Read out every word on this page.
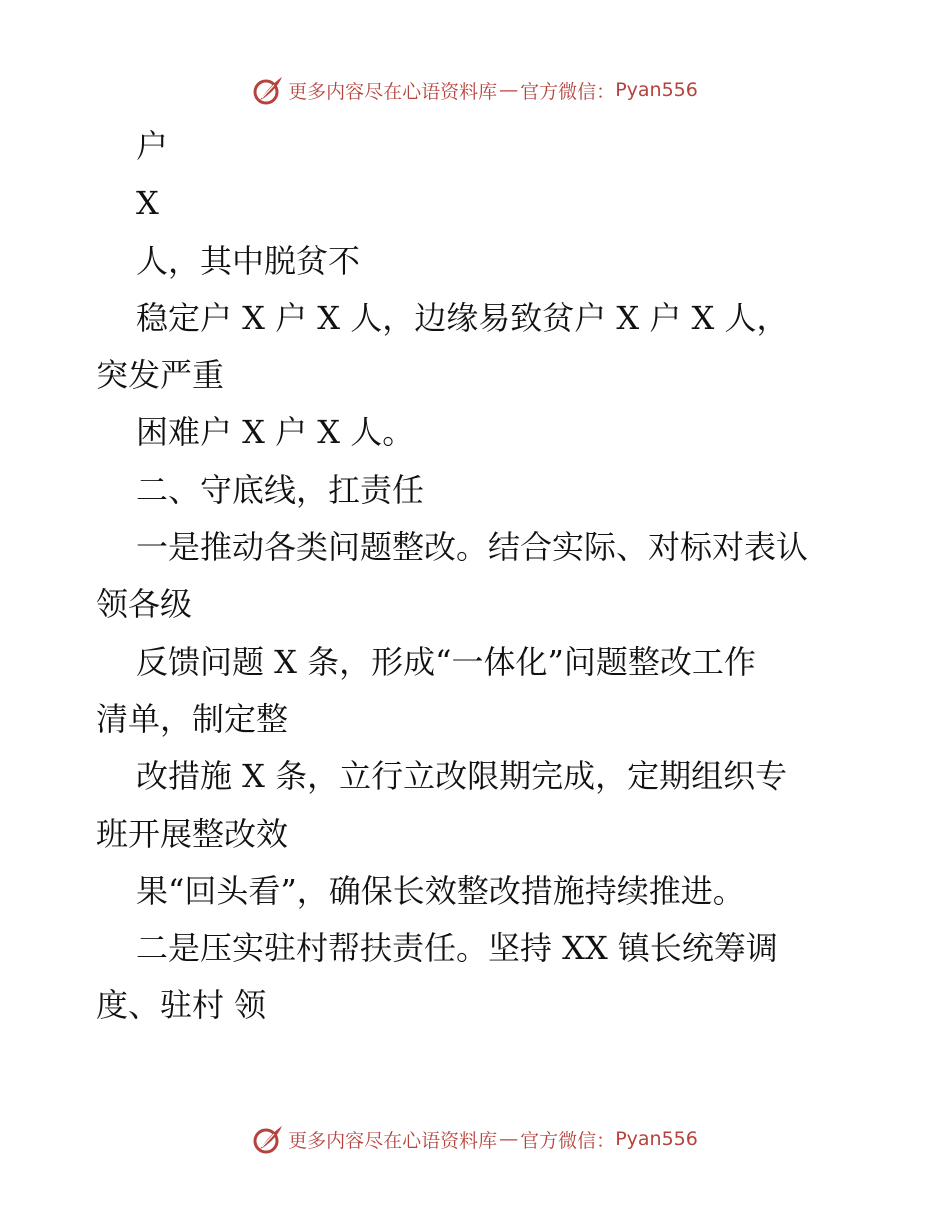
更多内容尽在心语资料库 — 官方微信： Pyan556

户

X

人，其中脱贫不

稳定户 X 户 X 人，边缘易致贫户 X 户 X 人，

突发严重

困难户 X 户 X 人。

二、守底线，扛责任

一是推动各类问题整改。结合实际、对标对表认

领各级

反馈问题 X 条，形成“一体化”问题整改工作

清单，制定整

改措施 X 条，立行立改限期完成，定期组织专

班开展整改效

果“回头看”，确保长效整改措施持续推进。

二是压实驻村帮扶责任。坚持 XX 镇长统筹调

度、驻村 领

更多内容尽在心语资料库 — 官方微信： Pyan556
